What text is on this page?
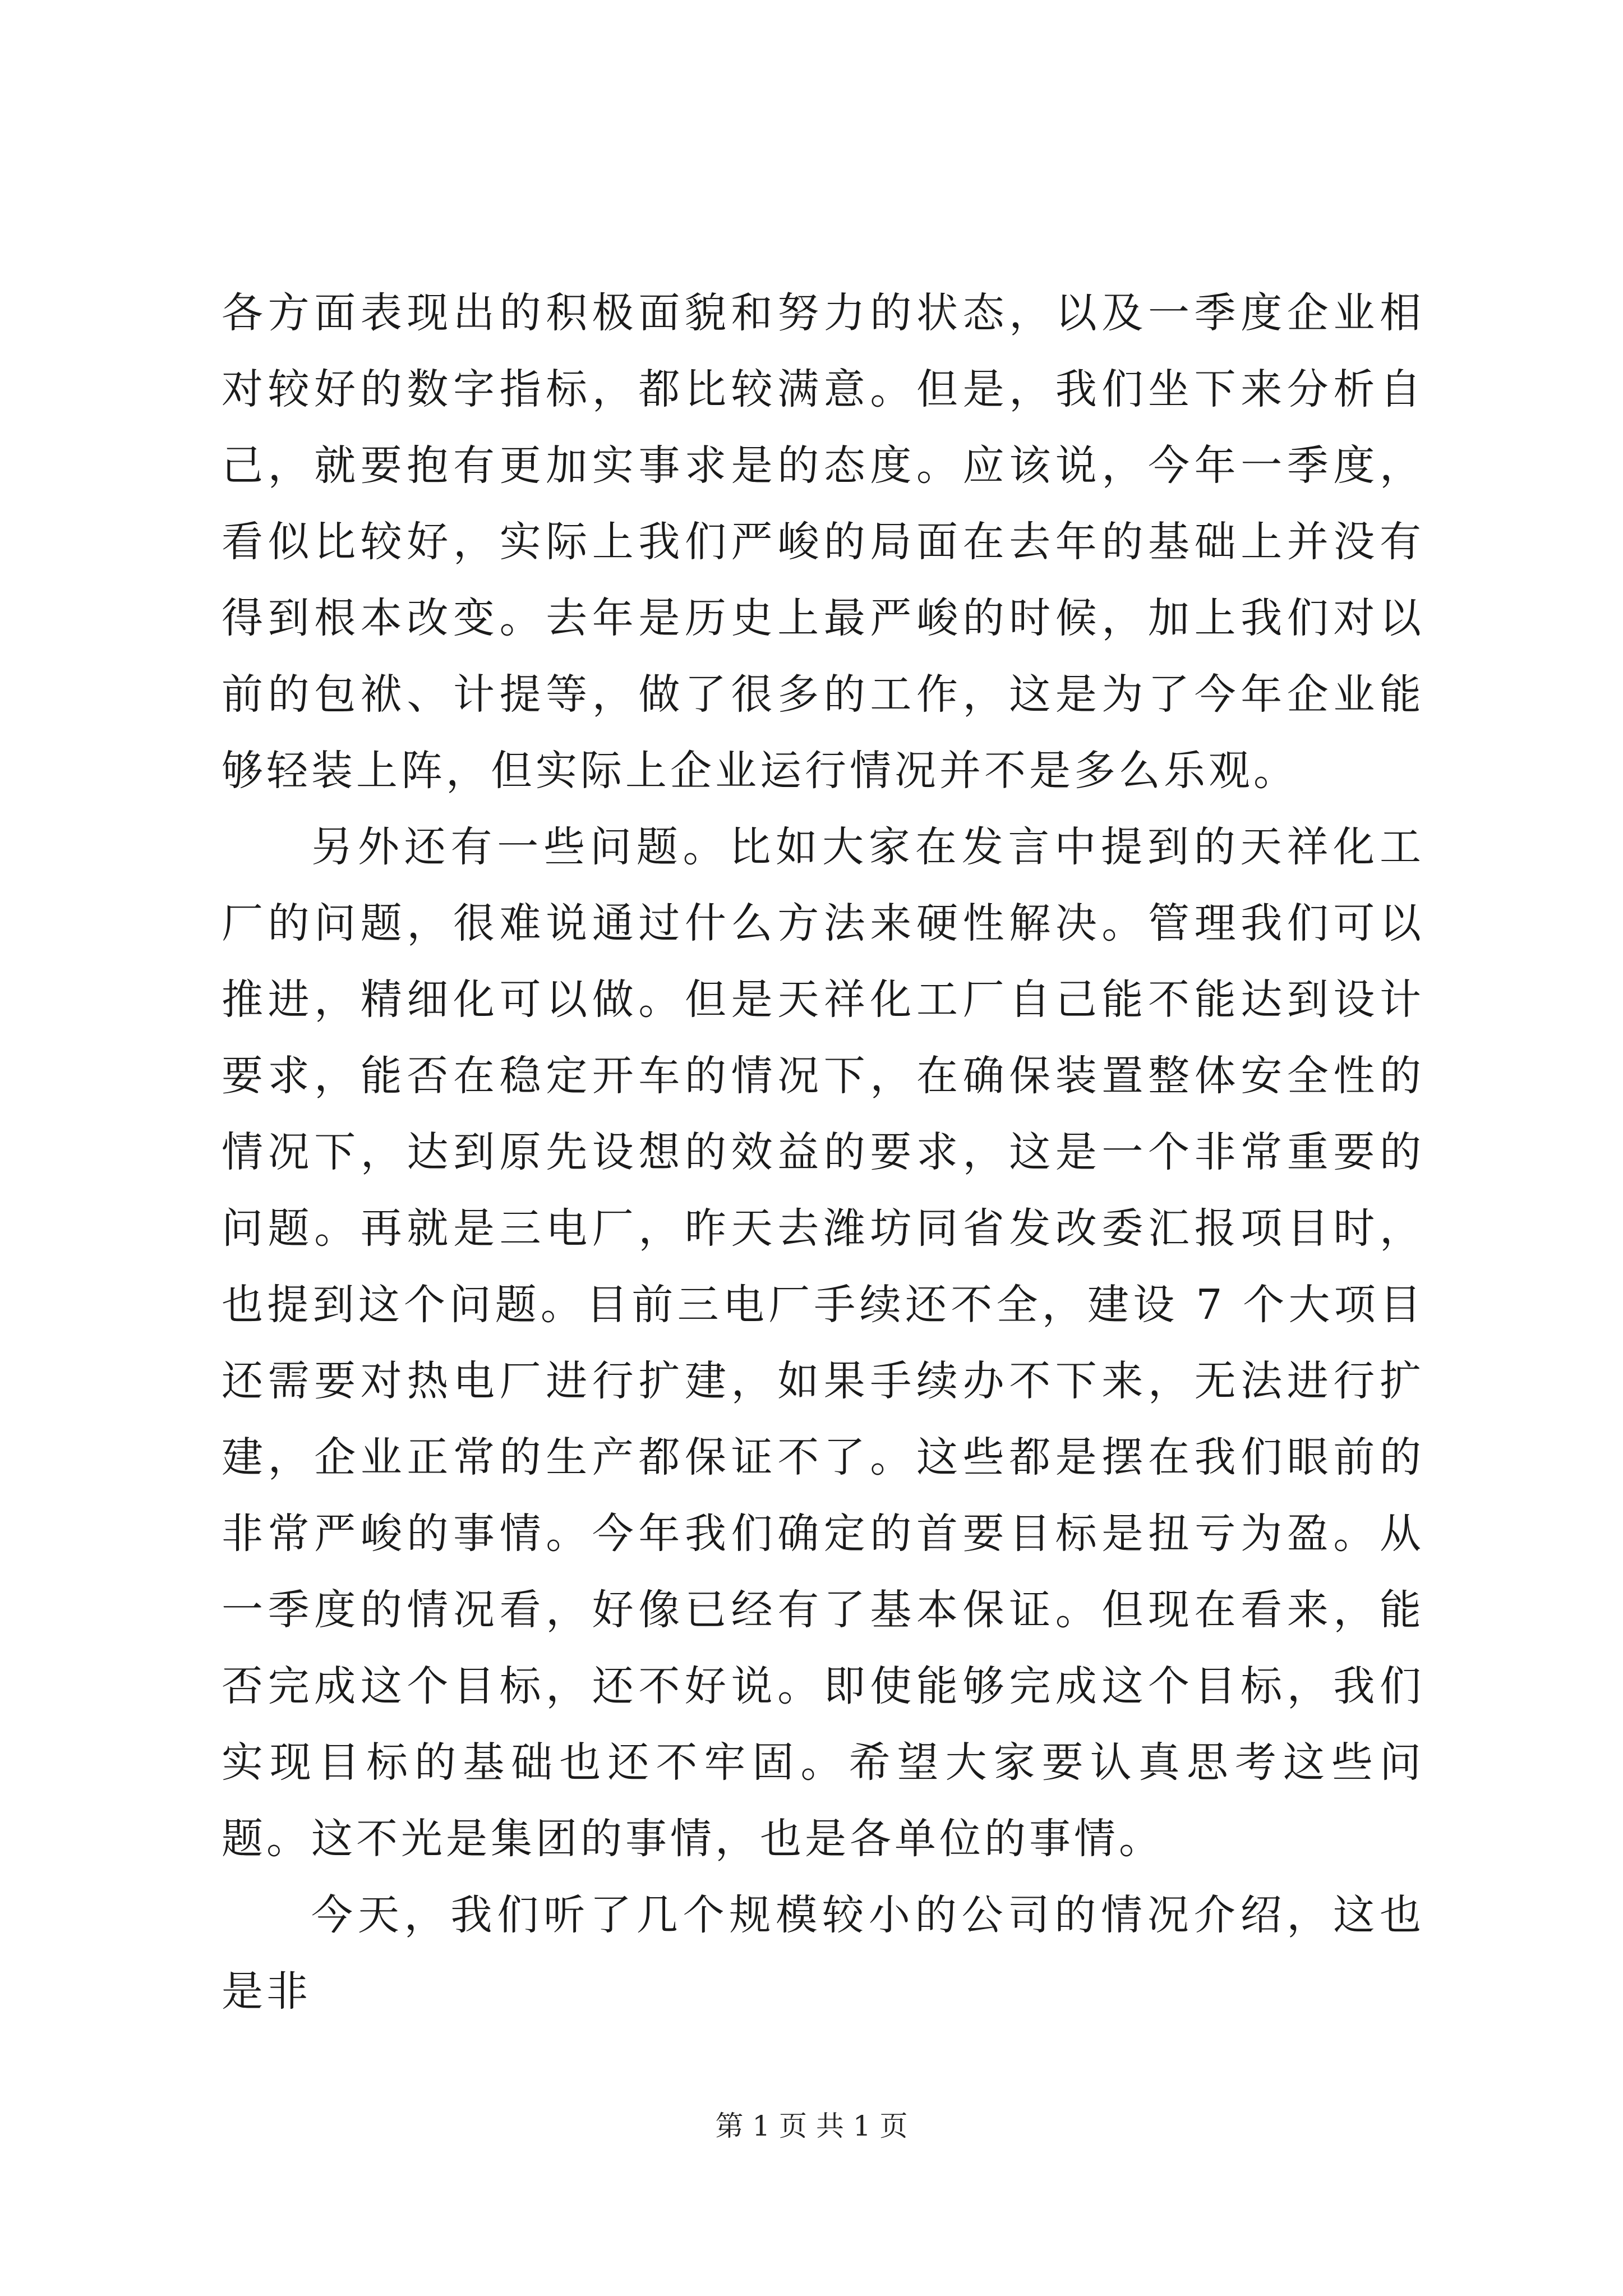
各方面表现出的积极面貌和努力的状态，以及一季度企业相对较好的数字指标，都比较满意。但是，我们坐下来分析自己，就要抱有更加实事求是的态度。应该说，今年一季度，看似比较好，实际上我们严峻的局面在去年的基础上并没有得到根本改变。去年是历史上最严峻的时候，加上我们对以前的包袱、计提等，做了很多的工作，这是为了今年企业能够轻装上阵，但实际上企业运行情况并不是多么乐观。

另外还有一些问题。比如大家在发言中提到的天祥化工厂的问题，很难说通过什么方法来硬性解决。管理我们可以推进，精细化可以做。但是天祥化工厂自己能不能达到设计要求，能否在稳定开车的情况下，在确保装置整体安全性的情况下，达到原先设想的效益的要求，这是一个非常重要的问题。再就是三电厂，昨天去潍坊同省发改委汇报项目时，也提到这个问题。目前三电厂手续还不全，建设 7 个大项目还需要对热电厂进行扩建，如果手续办不下来，无法进行扩建，企业正常的生产都保证不了。这些都是摆在我们眼前的非常严峻的事情。今年我们确定的首要目标是扭亏为盈。从一季度的情况看，好像已经有了基本保证。但现在看来，能否完成这个目标，还不好说。即使能够完成这个目标，我们实现目标的基础也还不牢固。希望大家要认真思考这些问题。这不光是集团的事情，也是各单位的事情。

今天，我们听了几个规模较小的公司的情况介绍，这也是非

第 1 页 共 1 页
